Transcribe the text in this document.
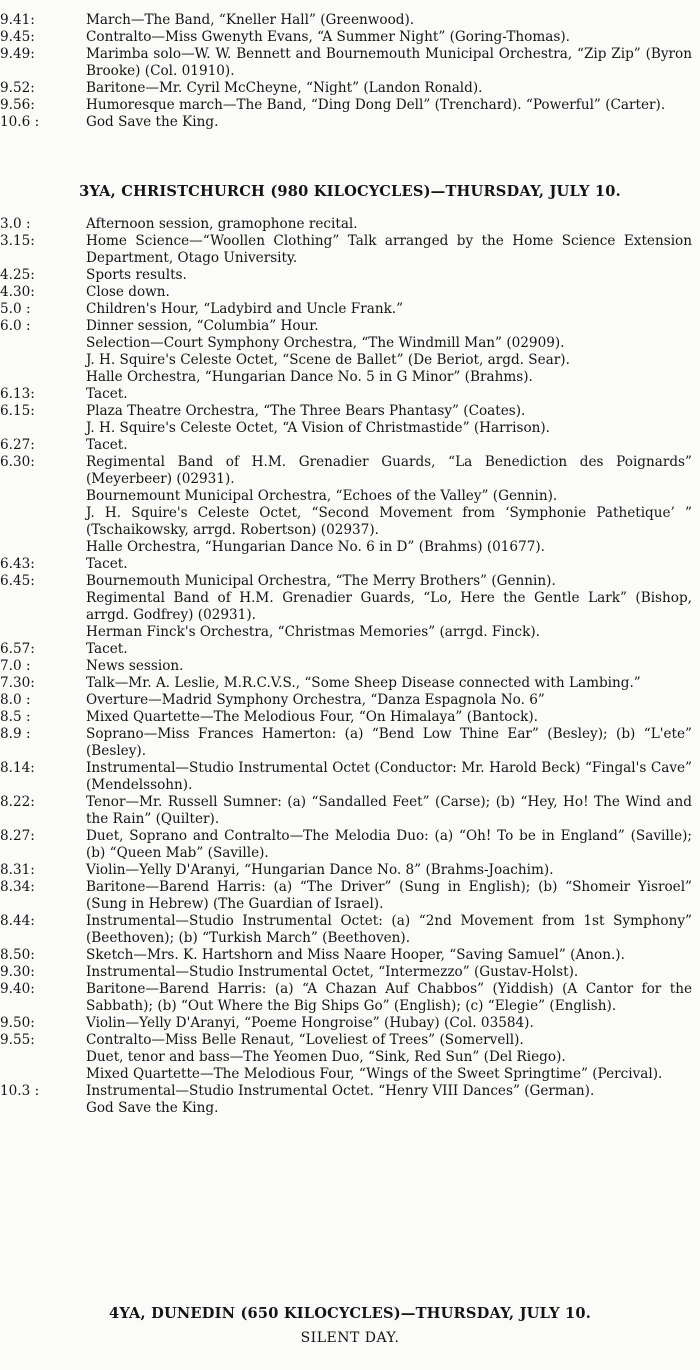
9.41:	March—The Band, “Kneller Hall” (Greenwood).
9.45:	Contralto—Miss Gwenyth Evans, “A Summer Night” (Goring-Thomas).
9.49:	Marimba solo—W. W. Bennett and Bournemouth Municipal Orchestra, “Zip Zip” (Byron Brooke) (Col. 01910).
9.52:	Baritone—Mr. Cyril McCheyne, “Night” (Landon Ronald).
9.56:	Humoresque march—The Band, “Ding Dong Dell” (Trenchard). “Powerful” (Carter).
10.6 :	God Save the King.
3YA, CHRISTCHURCH (980 KILOCYCLES)—THURSDAY, JULY 10.
3.0 :	Afternoon session, gramophone recital.
3.15:	Home Science—“Woollen Clothing” Talk arranged by the Home Science Extension Department, Otago University.
4.25:	Sports results.
4.30:	Close down.
5.0 :	Children's Hour, “Ladybird and Uncle Frank.”
6.0 :	Dinner session, “Columbia” Hour.
Selection—Court Symphony Orchestra, “The Windmill Man” (02909).
J. H. Squire's Celeste Octet, “Scene de Ballet” (De Beriot, argd. Sear).
Halle Orchestra, “Hungarian Dance No. 5 in G Minor” (Brahms).
6.13:	Tacet.
6.15:	Plaza Theatre Orchestra, “The Three Bears Phantasy” (Coates).
J. H. Squire's Celeste Octet, “A Vision of Christmastide” (Harrison).
6.27:	Tacet.
6.30:	Regimental Band of H.M. Grenadier Guards, “La Benediction des Poignards” (Meyerbeer) (02931).
Bournemount Municipal Orchestra, “Echoes of the Valley” (Gennin).
J. H. Squire's Celeste Octet, “Second Movement from ‘Symphonie Pathetique’ ” (Tschaikowsky, arrgd. Robertson) (02937).
Halle Orchestra, “Hungarian Dance No. 6 in D” (Brahms) (01677).
6.43:	Tacet.
6.45:	Bournemouth Municipal Orchestra, “The Merry Brothers” (Gennin).
Regimental Band of H.M. Grenadier Guards, “Lo, Here the Gentle Lark” (Bishop, arrgd. Godfrey) (02931).
Herman Finck's Orchestra, “Christmas Memories” (arrgd. Finck).
6.57:	Tacet.
7.0 :	News session.
7.30:	Talk—Mr. A. Leslie, M.R.C.V.S., “Some Sheep Disease connected with Lambing.”
8.0 :	Overture—Madrid Symphony Orchestra, “Danza Espagnola No. 6”
8.5 :	Mixed Quartette—The Melodious Four, “On Himalaya” (Bantock).
8.9 :	Soprano—Miss Frances Hamerton: (a) “Bend Low Thine Ear” (Besley); (b) “L'ete” (Besley).
8.14:	Instrumental—Studio Instrumental Octet (Conductor: Mr. Harold Beck) “Fingal's Cave” (Mendelssohn).
8.22:	Tenor—Mr. Russell Sumner: (a) “Sandalled Feet” (Carse); (b) “Hey, Ho! The Wind and the Rain” (Quilter).
8.27:	Duet, Soprano and Contralto—The Melodia Duo: (a) “Oh! To be in England” (Saville); (b) “Queen Mab” (Saville).
8.31:	Violin—Yelly D'Aranyi, “Hungarian Dance No. 8” (Brahms-Joachim).
8.34:	Baritone—Barend Harris: (a) “The Driver” (Sung in English); (b) “Shomeir Yisroel” (Sung in Hebrew) (The Guardian of Israel).
8.44:	Instrumental—Studio Instrumental Octet: (a) “2nd Movement from 1st Symphony” (Beethoven); (b) “Turkish March” (Beethoven).
8.50:	Sketch—Mrs. K. Hartshorn and Miss Naare Hooper, “Saving Samuel” (Anon.).
9.30:	Instrumental—Studio Instrumental Octet, “Intermezzo” (Gustav-Holst).
9.40:	Baritone—Barend Harris: (a) “A Chazan Auf Chabbos” (Yiddish) (A Cantor for the Sabbath); (b) “Out Where the Big Ships Go” (English); (c) “Elegie” (English).
9.50:	Violin—Yelly D'Aranyi, “Poeme Hongroise” (Hubay) (Col. 03584).
9.55:	Contralto—Miss Belle Renaut, “Loveliest of Trees” (Somervell).
Duet, tenor and bass—The Yeomen Duo, “Sink, Red Sun” (Del Riego).
Mixed Quartette—The Melodious Four, “Wings of the Sweet Springtime” (Percival).
10.3 :	Instrumental—Studio Instrumental Octet. “Henry VIII Dances” (German).
God Save the King.
4YA, DUNEDIN (650 KILOCYCLES)—THURSDAY, JULY 10.
SILENT DAY.
